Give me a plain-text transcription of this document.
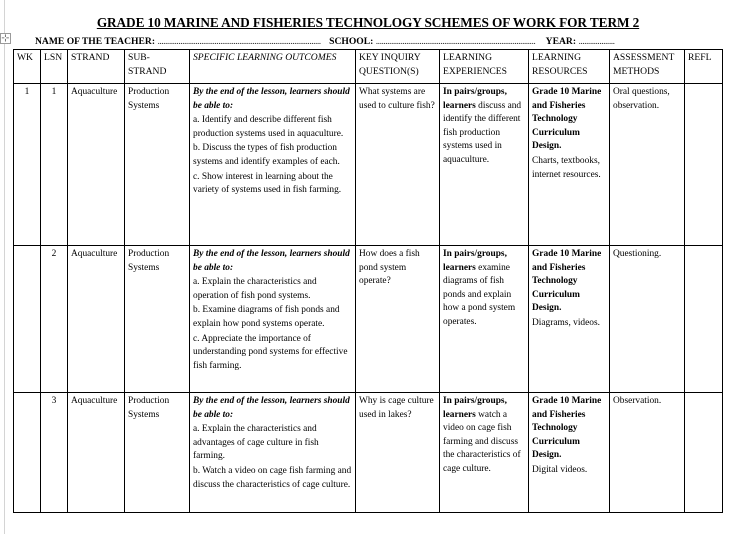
⊹
GRADE 10 MARINE AND FISHERIES TECHNOLOGY SCHEMES OF WORK FOR TERM 2
NAME OF THE TEACHER: ...................................................................................... SCHOOL: .................................................................................... YEAR: ...................
WK	LSN	STRAND	SUB-STRAND	SPECIFIC LEARNING OUTCOMES	KEY INQUIRY QUESTION(S)	LEARNING EXPERIENCES	LEARNING RESOURCES	ASSESSMENT METHODS	REFL
1	1	Aquaculture	Production Systems	By the end of the lesson, learners should be able to:
a. Identify and describe different fish production systems used in aquaculture.
b. Discuss the types of fish production systems and identify examples of each.
c. Show interest in learning about the variety of systems used in fish farming.	What systems are used to culture fish?	In pairs/groups, learners discuss and identify the different fish production systems used in aquaculture.	Grade 10 Marine and Fisheries Technology Curriculum Design.
Charts, textbooks, internet resources.	Oral questions, observation.	
	2	Aquaculture	Production Systems	By the end of the lesson, learners should be able to:
a. Explain the characteristics and operation of fish pond systems.
b. Examine diagrams of fish ponds and explain how pond systems operate.
c. Appreciate the importance of understanding pond systems for effective fish farming.	How does a fish pond system operate?	In pairs/groups, learners examine diagrams of fish ponds and explain how a pond system operates.	Grade 10 Marine and Fisheries Technology Curriculum Design.
Diagrams, videos.	Questioning.	
	3	Aquaculture	Production Systems	By the end of the lesson, learners should be able to:
a. Explain the characteristics and advantages of cage culture in fish farming.
b. Watch a video on cage fish farming and discuss the characteristics of cage culture.	Why is cage culture used in lakes?	In pairs/groups, learners watch a video on cage fish farming and discuss the characteristics of cage culture.	Grade 10 Marine and Fisheries Technology Curriculum Design.
Digital videos.	Observation.	
